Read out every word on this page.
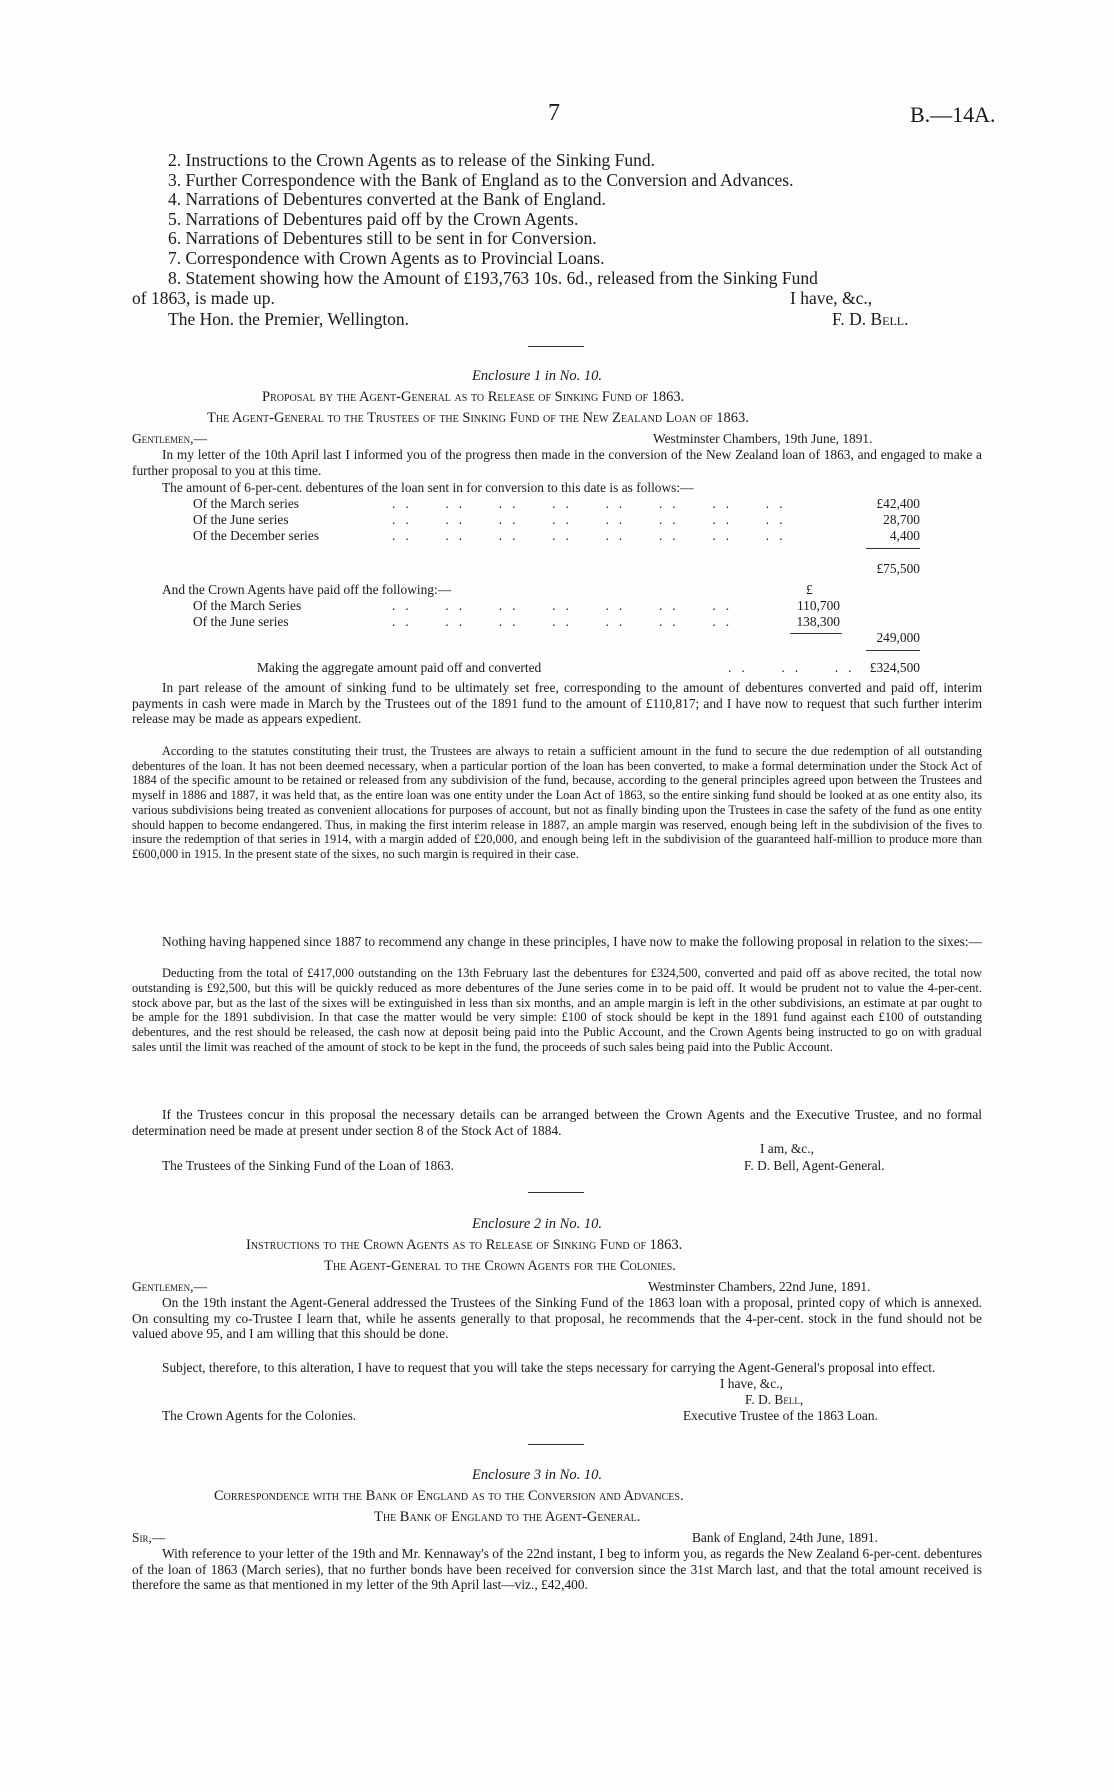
7	B.—14A.
2. Instructions to the Crown Agents as to release of the Sinking Fund.
3. Further Correspondence with the Bank of England as to the Conversion and Advances.
4. Narrations of Debentures converted at the Bank of England.
5. Narrations of Debentures paid off by the Crown Agents.
6. Narrations of Debentures still to be sent in for Conversion.
7. Correspondence with Crown Agents as to Provincial Loans.
8. Statement showing how the Amount of £193,763 10s. 6d., released from the Sinking Fund
of 1863, is made up.	I have, &c.,
The Hon. the Premier, Wellington.	F. D. Bell.
Enclosure 1 in No. 10.
Proposal by the Agent-General as to Release of Sinking Fund of 1863.
The Agent-General to the Trustees of the Sinking Fund of the New Zealand Loan of 1863.
Gentlemen,—	Westminster Chambers, 19th June, 1891.
In my letter of the 10th April last I informed you of the progress then made in the conversion of the New Zealand loan of 1863, and engaged to make a further proposal to you at this time.
The amount of 6-per-cent. debentures of the loan sent in for conversion to this date is as follows:—
Of the March series	..  ..  ..  ..  ..  ..  ..  ..	£42,400
Of the June series	..  ..  ..  ..  ..  ..  ..  ..	28,700
Of the December series	..  ..  ..  ..  ..  ..  ..  ..	4,400
£75,500
And the Crown Agents have paid off the following:—	£
Of the March Series	..  ..  ..  ..  ..  ..  ..	110,700
Of the June series	..  ..  ..  ..  ..  ..  ..	138,300
249,000
Making the aggregate amount paid off and converted	..  ..  .. £324,500
In part release of the amount of sinking fund to be ultimately set free, corresponding to the amount of debentures converted and paid off, interim payments in cash were made in March by the Trustees out of the 1891 fund to the amount of £110,817; and I have now to request that such further interim release may be made as appears expedient.
According to the statutes constituting their trust, the Trustees are always to retain a sufficient amount in the fund to secure the due redemption of all outstanding debentures of the loan. It has not been deemed necessary, when a particular portion of the loan has been converted, to make a formal determination under the Stock Act of 1884 of the specific amount to be retained or released from any subdivision of the fund, because, according to the general principles agreed upon between the Trustees and myself in 1886 and 1887, it was held that, as the entire loan was one entity under the Loan Act of 1863, so the entire sinking fund should be looked at as one entity also, its various subdivisions being treated as convenient allocations for purposes of account, but not as finally binding upon the Trustees in case the safety of the fund as one entity should happen to become endangered. Thus, in making the first interim release in 1887, an ample margin was reserved, enough being left in the subdivision of the fives to insure the redemption of that series in 1914, with a margin added of £20,000, and enough being left in the subdivision of the guaranteed half-million to produce more than £600,000 in 1915. In the present state of the sixes, no such margin is required in their case.
Nothing having happened since 1887 to recommend any change in these principles, I have now to make the following proposal in relation to the sixes:—
Deducting from the total of £417,000 outstanding on the 13th February last the debentures for £324,500, converted and paid off as above recited, the total now outstanding is £92,500, but this will be quickly reduced as more debentures of the June series come in to be paid off. It would be prudent not to value the 4-per-cent. stock above par, but as the last of the sixes will be extinguished in less than six months, and an ample margin is left in the other subdivisions, an estimate at par ought to be ample for the 1891 subdivision. In that case the matter would be very simple: £100 of stock should be kept in the 1891 fund against each £100 of outstanding debentures, and the rest should be released, the cash now at deposit being paid into the Public Account, and the Crown Agents being instructed to go on with gradual sales until the limit was reached of the amount of stock to be kept in the fund, the proceeds of such sales being paid into the Public Account.
If the Trustees concur in this proposal the necessary details can be arranged between the Crown Agents and the Executive Trustee, and no formal determination need be made at present under section 8 of the Stock Act of 1884.
I am, &c.,
The Trustees of the Sinking Fund of the Loan of 1863.	F. D. Bell, Agent-General.
Enclosure 2 in No. 10.
Instructions to the Crown Agents as to Release of Sinking Fund of 1863.
The Agent-General to the Crown Agents for the Colonies.
Gentlemen,—	Westminster Chambers, 22nd June, 1891.
On the 19th instant the Agent-General addressed the Trustees of the Sinking Fund of the 1863 loan with a proposal, printed copy of which is annexed. On consulting my co-Trustee I learn that, while he assents generally to that proposal, he recommends that the 4-per-cent. stock in the fund should not be valued above 95, and I am willing that this should be done.
Subject, therefore, to this alteration, I have to request that you will take the steps necessary for carrying the Agent-General's proposal into effect.
I have, &c.,
F. D. Bell,
The Crown Agents for the Colonies.	Executive Trustee of the 1863 Loan.
Enclosure 3 in No. 10.
Correspondence with the Bank of England as to the Conversion and Advances.
The Bank of England to the Agent-General.
Sir,—	Bank of England, 24th June, 1891.
With reference to your letter of the 19th and Mr. Kennaway's of the 22nd instant, I beg to inform you, as regards the New Zealand 6-per-cent. debentures of the loan of 1863 (March series), that no further bonds have been received for conversion since the 31st March last, and that the total amount received is therefore the same as that mentioned in my letter of the 9th April last—viz., £42,400.
